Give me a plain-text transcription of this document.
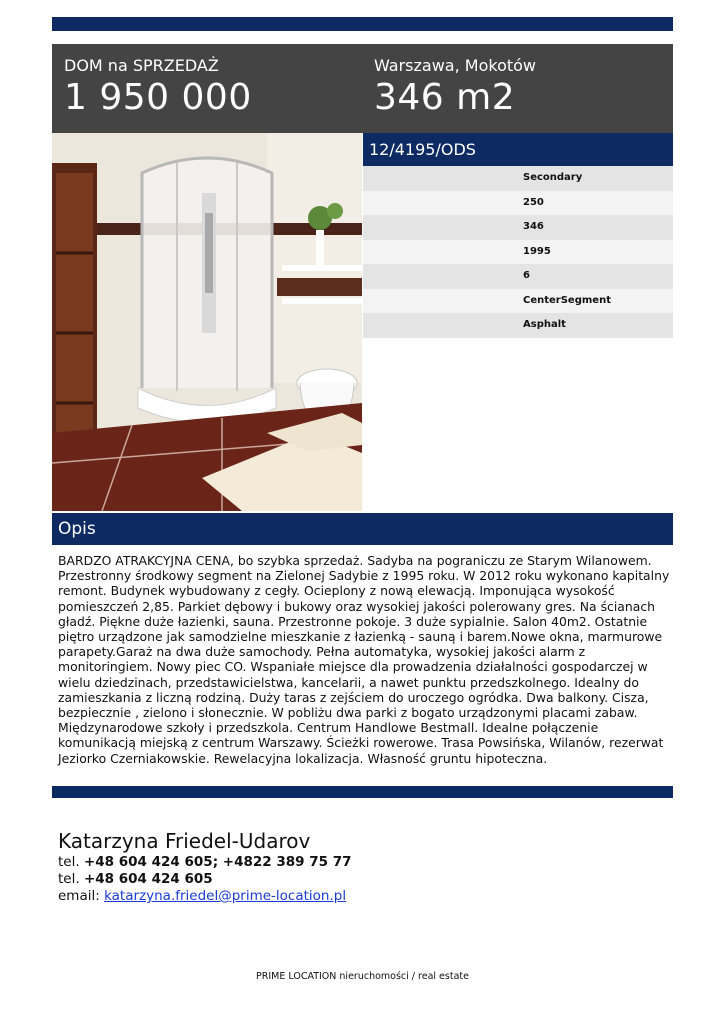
DOM na SPRZEDAŻ
1 950 000
Warszawa, Mokotów
346 m2
12/4195/ODS
Secondary
250
346
1995
6
CenterSegment
Asphalt
Opis
BARDZO ATRAKCYJNA CENA, bo szybka sprzedaż. Sadyba na pograniczu ze Starym Wilanowem. Przestronny środkowy segment na Zielonej Sadybie z 1995 roku. W 2012 roku wykonano kapitalny remont. Budynek wybudowany z cegły. Ocieplony z nową elewacją. Imponująca wysokość pomieszczeń 2,85. Parkiet dębowy i bukowy oraz wysokiej jakości polerowany gres. Na ścianach gładź. Piękne duże łazienki, sauna. Przestronne pokoje. 3 duże sypialnie. Salon 40m2. Ostatnie piętro urządzone jak samodzielne mieszkanie z łazienką - sauną i barem.Nowe okna, marmurowe parapety.Garaż na dwa duże samochody. Pełna automatyka, wysokiej jakości alarm z monitoringiem. Nowy piec CO. Wspaniałe miejsce dla prowadzenia działalności gospodarczej w wielu dziedzinach, przedstawicielstwa, kancelarii, a nawet punktu przedszkolnego. Idealny do zamieszkania z liczną rodziną. Duży taras z zejściem do uroczego ogródka. Dwa balkony. Cisza, bezpiecznie , zielono i słonecznie. W pobliżu dwa parki z bogato urządzonymi placami zabaw. Międzynarodowe szkoły i przedszkola. Centrum Handlowe Bestmall. Idealne połączenie komunikacją miejską z centrum Warszawy. Ścieżki rowerowe. Trasa Powsińska, Wilanów, rezerwat Jeziorko Czerniakowskie. Rewelacyjna lokalizacja. Własność gruntu hipoteczna.
Katarzyna Friedel-Udarov
tel. +48 604 424 605; +4822 389 75 77
tel. +48 604 424 605
email: katarzyna.friedel@prime-location.pl
PRIME LOCATION nieruchomości / real estate
